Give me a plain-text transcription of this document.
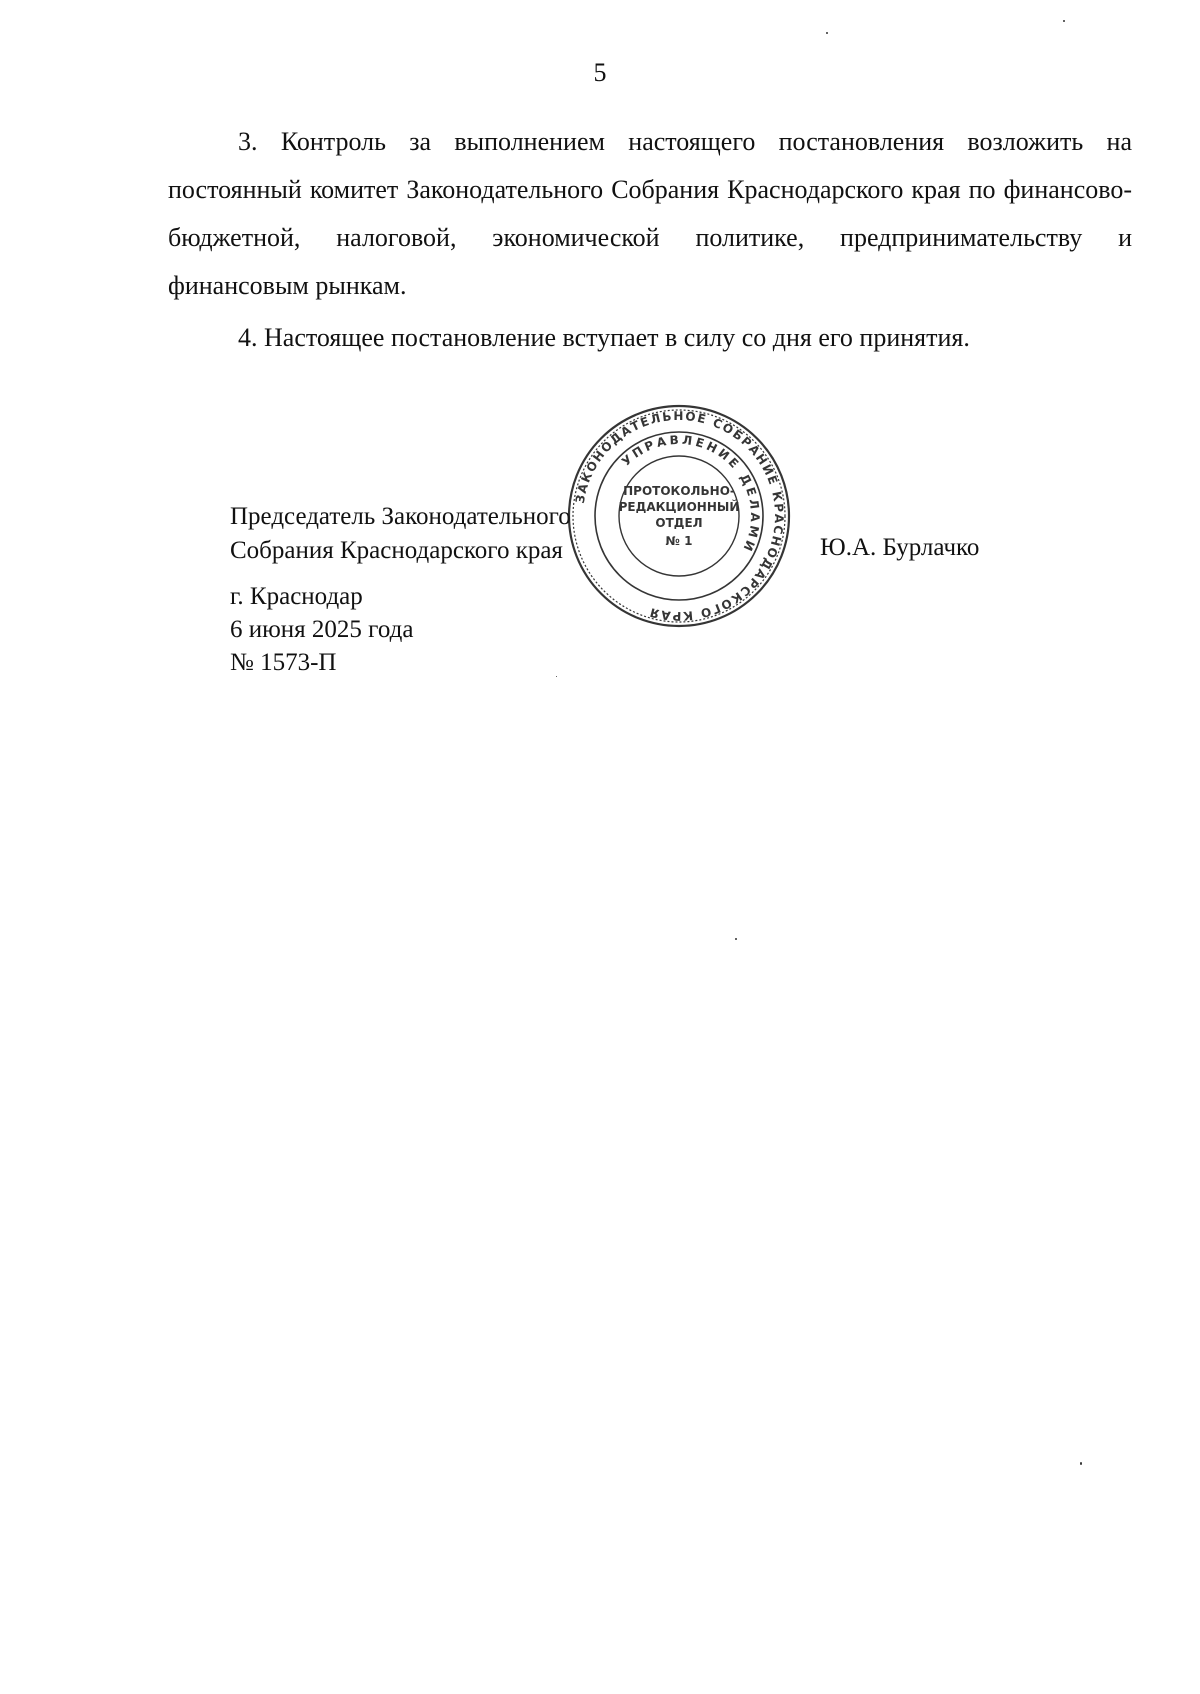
5

3. Контроль за выполнением настоящего постановления возложить на постоянный комитет Законодательного Собрания Краснодарского края по финансово-бюджетной, налоговой, экономической политике, предпринимательству и финансовым рынкам.

4. Настоящее постановление вступает в силу со дня его принятия.

Председатель Законодательного
Собрания Краснодарского края	Ю.А. Бурлачко
г. Краснодар
6 июня 2025 года
№ 1573-П
ЗАКОНОДАТЕЛЬНОЕ СОБРАНИЕ КРАСНОДАРСКОГО КРАЯ
УПРАВЛЕНИЕ ДЕЛАМИ
ПРОТОКОЛЬНО-
РЕДАКЦИОННЫЙ
ОТДЕЛ
№ 1
